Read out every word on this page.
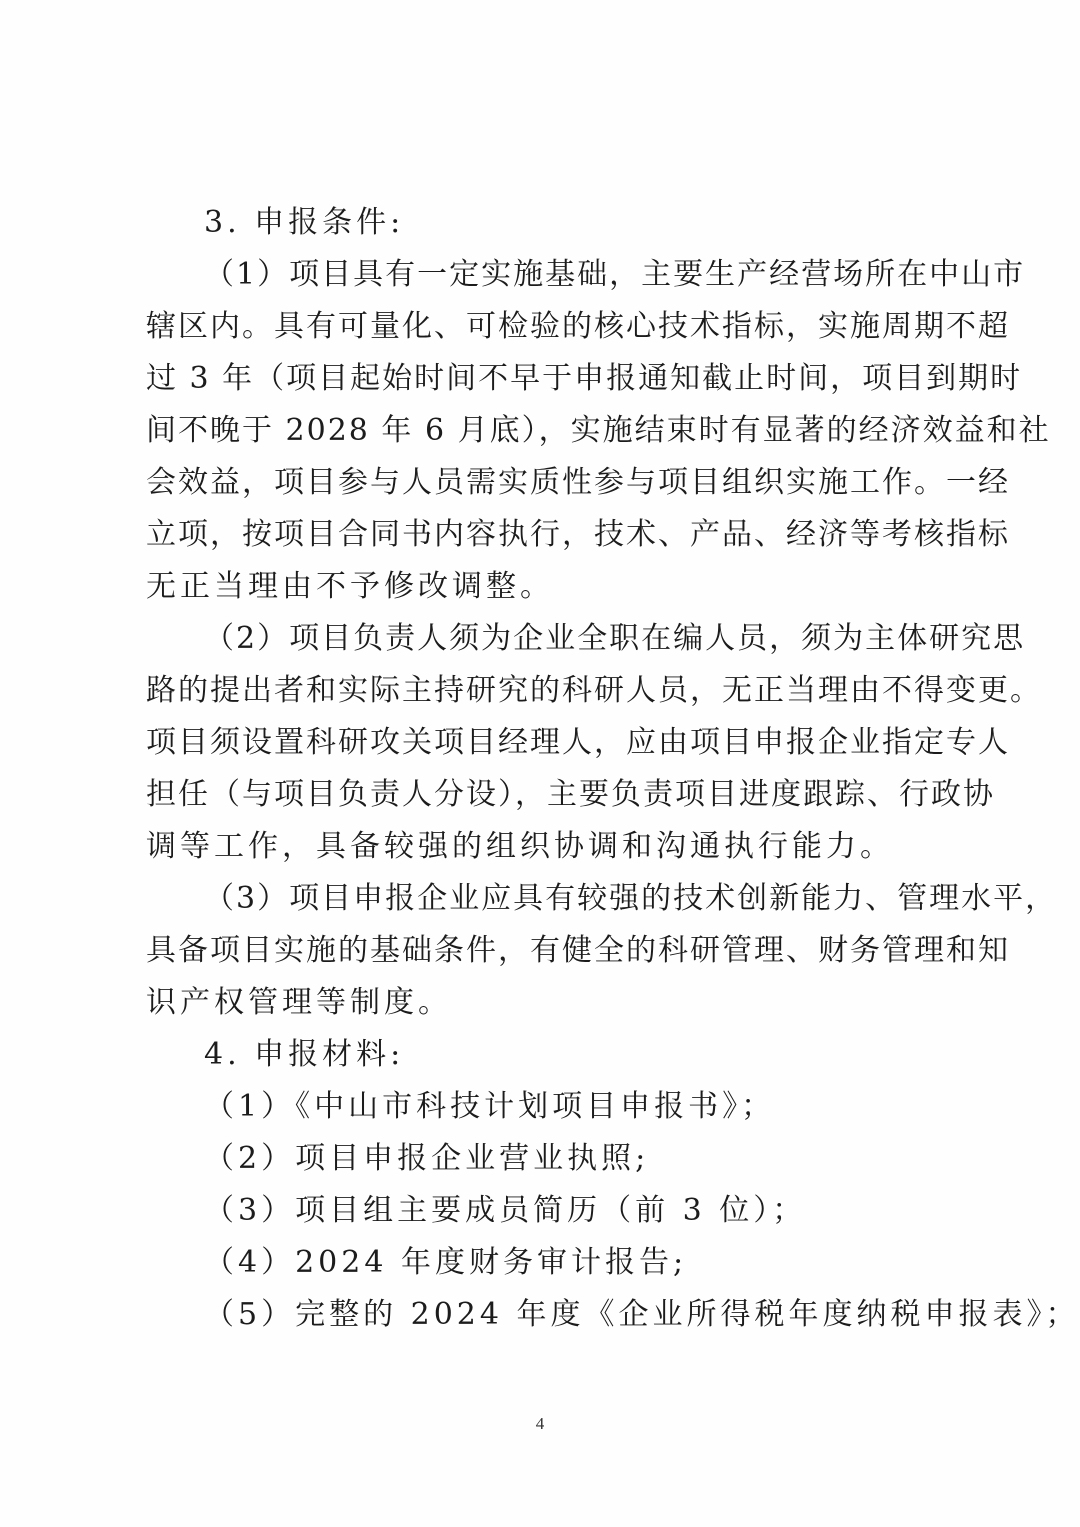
3. 申报条件:
（1）项目具有一定实施基础，主要生产经营场所在中山市
辖区内。具有可量化、可检验的核心技术指标，实施周期不超
过 3 年（项目起始时间不早于申报通知截止时间，项目到期时
间不晚于 2028 年 6 月底），实施结束时有显著的经济效益和社
会效益，项目参与人员需实质性参与项目组织实施工作。一经
立项，按项目合同书内容执行，技术、产品、经济等考核指标
无正当理由不予修改调整。
（2）项目负责人须为企业全职在编人员，须为主体研究思
路的提出者和实际主持研究的科研人员，无正当理由不得变更。
项目须设置科研攻关项目经理人，应由项目申报企业指定专人
担任（与项目负责人分设），主要负责项目进度跟踪、行政协
调等工作，具备较强的组织协调和沟通执行能力。
（3）项目申报企业应具有较强的技术创新能力、管理水平，
具备项目实施的基础条件，有健全的科研管理、财务管理和知
识产权管理等制度。
4. 申报材料:
（1）《中山市科技计划项目申报书》；
（2）项目申报企业营业执照;
（3）项目组主要成员简历（前 3 位）；
（4）2024 年度财务审计报告;
（5）完整的 2024 年度《企业所得税年度纳税申报表》；
4
